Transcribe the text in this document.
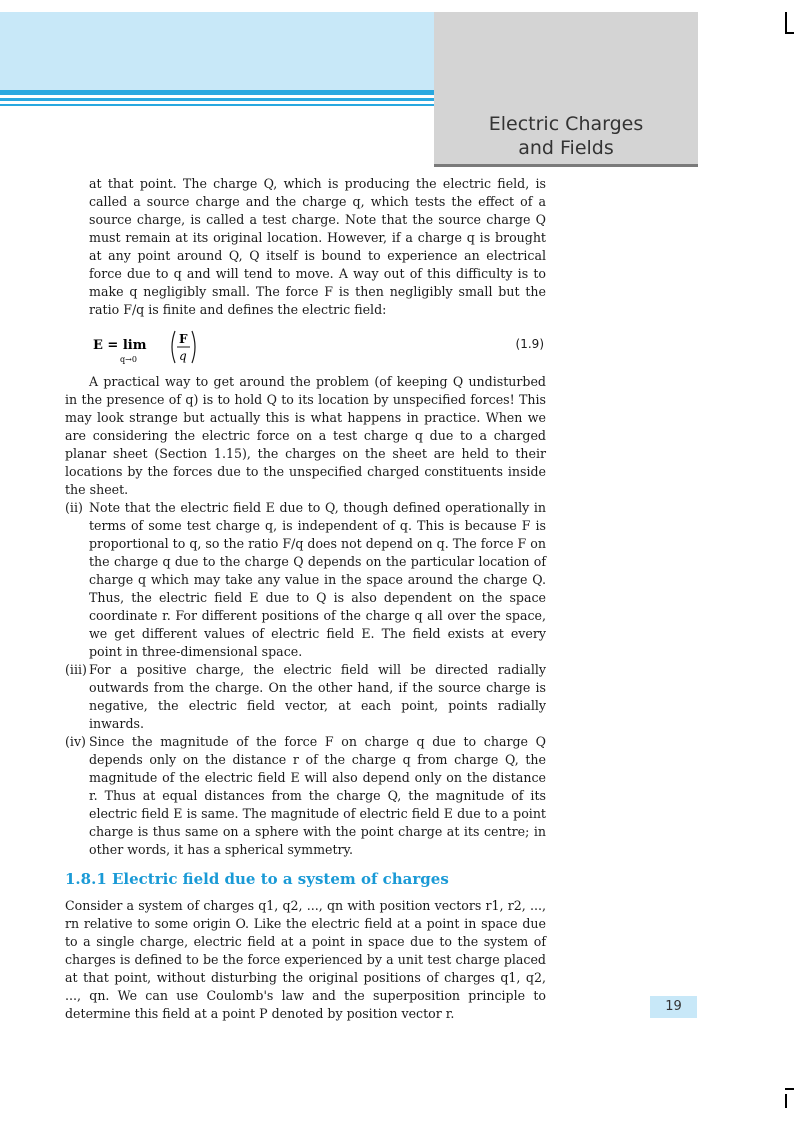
Electric Charges
and Fields

at that point. The charge Q, which is producing the electric field, is called a source charge and the charge q, which tests the effect of a source charge, is called a test charge. Note that the source charge Q must remain at its original location. However, if a charge q is brought at any point around Q, Q itself is bound to experience an electrical force due to q and will tend to move. A way out of this difficulty is to make q negligibly small. The force F is then negligibly small but the ratio F/q is finite and defines the electric field:

E = lim
q→0
F
q
(1.9)

A practical way to get around the problem (of keeping Q undisturbed in the presence of q) is to hold Q to its location by unspecified forces! This may look strange but actually this is what happens in practice. When we are considering the electric force on a test charge q due to a charged planar sheet (Section 1.15), the charges on the sheet are held to their locations by the forces due to the unspecified charged constituents inside the sheet.

(ii) Note that the electric field E due to Q, though defined operationally in terms of some test charge q, is independent of q. This is because F is proportional to q, so the ratio F/q does not depend on q. The force F on the charge q due to the charge Q depends on the particular location of charge q which may take any value in the space around the charge Q. Thus, the electric field E due to Q is also dependent on the space coordinate r. For different positions of the charge q all over the space, we get different values of electric field E. The field exists at every point in three-dimensional space.
(iii) For a positive charge, the electric field will be directed radially outwards from the charge. On the other hand, if the source charge is negative, the electric field vector, at each point, points radially inwards.
(iv) Since the magnitude of the force F on charge q due to charge Q depends only on the distance r of the charge q from charge Q, the magnitude of the electric field E will also depend only on the distance r. Thus at equal distances from the charge Q, the magnitude of its electric field E is same. The magnitude of electric field E due to a point charge is thus same on a sphere with the point charge at its centre; in other words, it has a spherical symmetry.

1.8.1 Electric field due to a system of charges

Consider a system of charges q1, q2, ..., qn with position vectors r1, r2, ..., rn relative to some origin O. Like the electric field at a point in space due to a single charge, electric field at a point in space due to the system of charges is defined to be the force experienced by a unit test charge placed at that point, without disturbing the original positions of charges q1, q2, ..., qn. We can use Coulomb's law and the superposition principle to determine this field at a point P denoted by position vector r.	19
